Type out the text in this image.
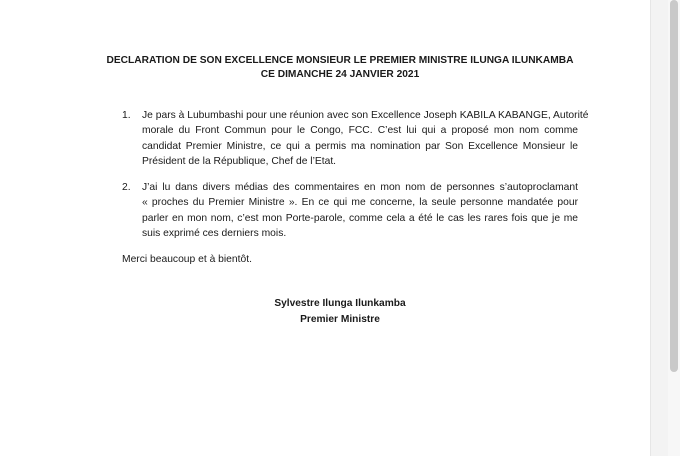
DECLARATION DE SON EXCELLENCE MONSIEUR LE PREMIER MINISTRE ILUNGA ILUNKAMBA
CE DIMANCHE 24 JANVIER 2021
1. Je pars à Lubumbashi pour une réunion avec son Excellence Joseph KABILA KABANGE, Autorité
morale du Front Commun pour le Congo, FCC. C’est lui qui a proposé mon nom comme
candidat Premier Ministre, ce qui a permis ma nomination par Son Excellence Monsieur le
Président de la République, Chef de l’Etat.
2. J’ai lu dans divers médias des commentaires en mon nom de personnes s’autoproclamant
« proches du Premier Ministre ». En ce qui me concerne, la seule personne mandatée pour
parler en mon nom, c’est mon Porte-parole, comme cela a été le cas les rares fois que je me
suis exprimé ces derniers mois.
Merci beaucoup et à bientôt.
Sylvestre Ilunga Ilunkamba
Premier Ministre
